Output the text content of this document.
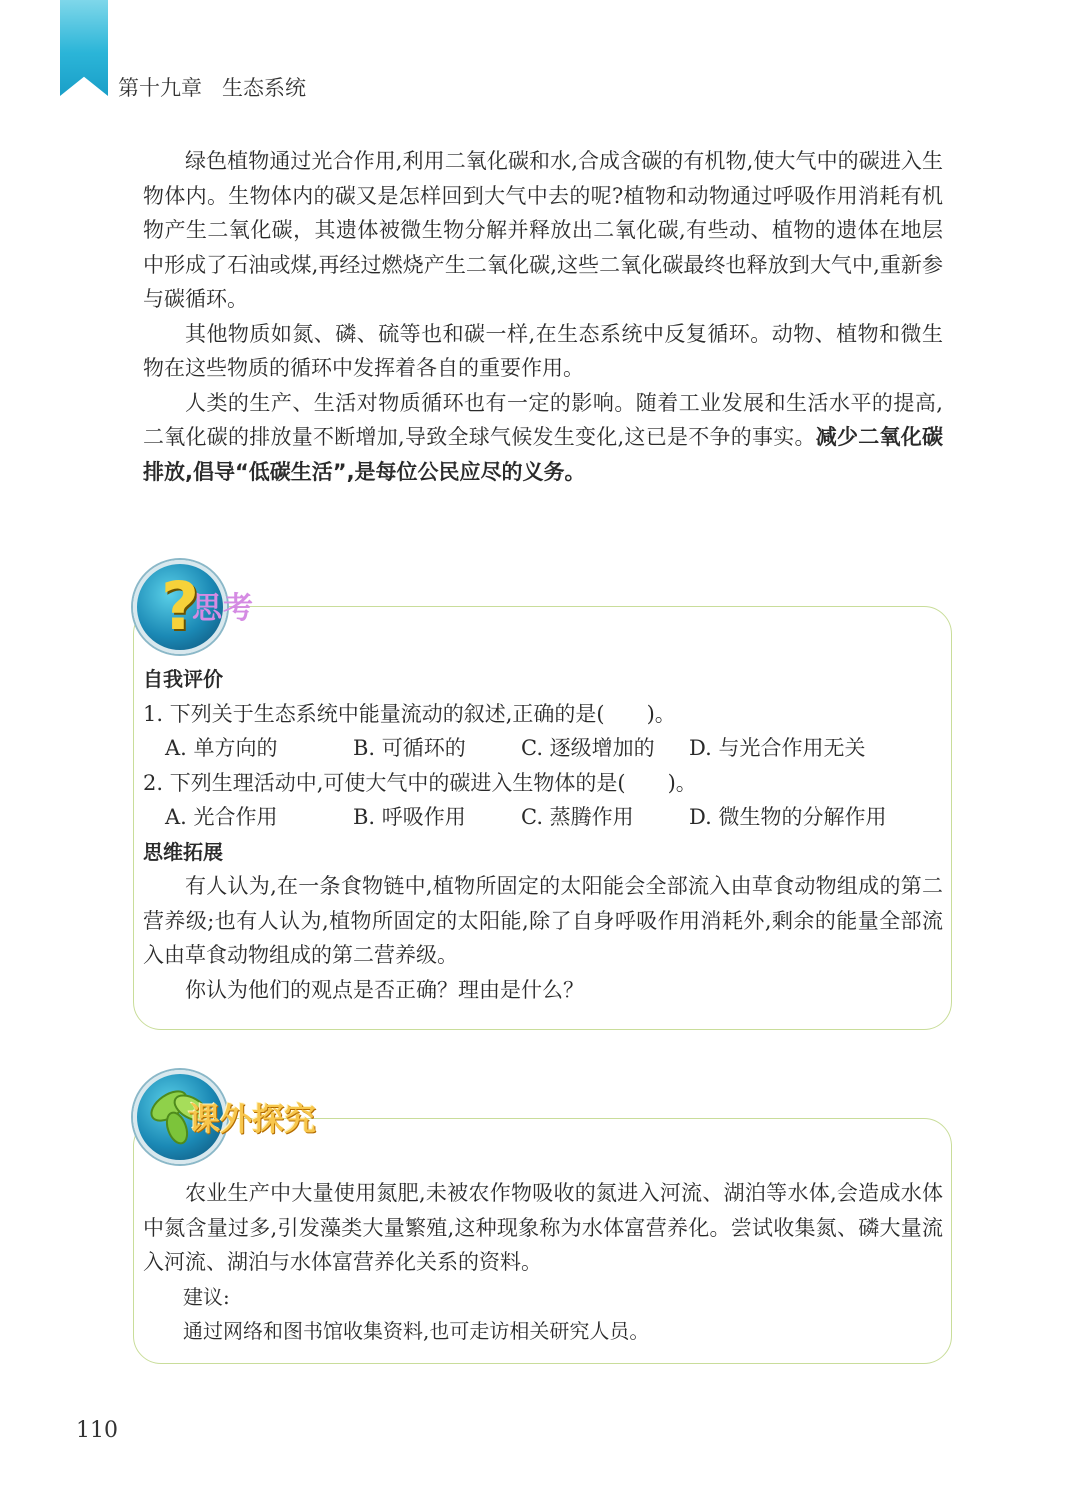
第十九章 生态系统

绿色植物通过光合作用,利用二氧化碳和水,合成含碳的有机物,使大气中的碳进入生物体内。生物体内的碳又是怎样回到大气中去的呢?植物和动物通过呼吸作用消耗有机物产生二氧化碳，其遗体被微生物分解并释放出二氧化碳,有些动、植物的遗体在地层中形成了石油或煤,再经过燃烧产生二氧化碳,这些二氧化碳最终也释放到大气中,重新参与碳循环。

其他物质如氮、磷、硫等也和碳一样,在生态系统中反复循环。动物、植物和微生物在这些物质的循环中发挥着各自的重要作用。

人类的生产、生活对物质循环也有一定的影响。随着工业发展和生活水平的提高,二氧化碳的排放量不断增加,导致全球气候发生变化,这已是不争的事实。减少二氧化碳排放,倡导“低碳生活”,是每位公民应尽的义务。

?
思考
自我评价

1. 下列关于生态系统中能量流动的叙述,正确的是(　　)。

A. 单方向的	B. 可循环的	C. 逐级增加的	D. 与光合作用无关

2. 下列生理活动中,可使大气中的碳进入生物体的是(　　)。

A. 光合作用	B. 呼吸作用	C. 蒸腾作用	D. 微生物的分解作用
思维拓展

有人认为,在一条食物链中,植物所固定的太阳能会全部流入由草食动物组成的第二营养级;也有人认为,植物所固定的太阳能,除了自身呼吸作用消耗外,剩余的能量全部流入由草食动物组成的第二营养级。

你认为他们的观点是否正确？理由是什么？

课外探究

农业生产中大量使用氮肥,未被农作物吸收的氮进入河流、湖泊等水体,会造成水体中氮含量过多,引发藻类大量繁殖,这种现象称为水体富营养化。尝试收集氮、磷大量流入河流、湖泊与水体富营养化关系的资料。

建议:

通过网络和图书馆收集资料,也可走访相关研究人员。

110
